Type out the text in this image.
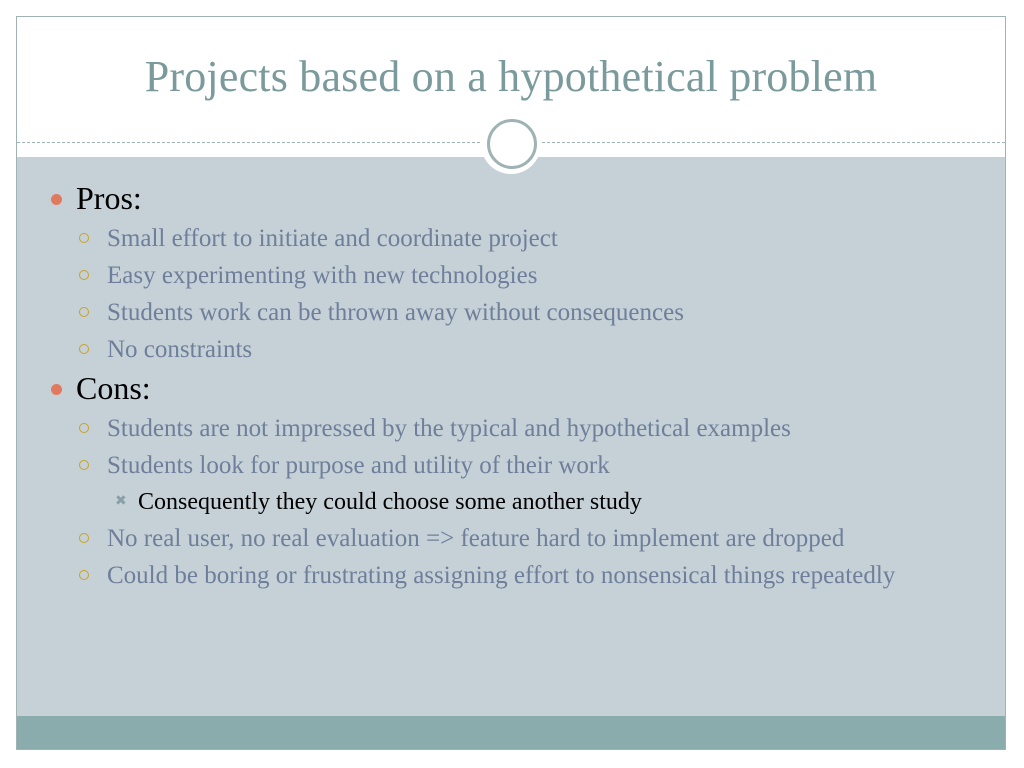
Projects based on a hypothetical problem
Pros:
Small effort to initiate and coordinate project
Easy experimenting with new technologies
Students work can be thrown away without consequences
No constraints
Cons:
Students are not impressed by the typical and hypothetical examples
Students look for purpose and utility of their work
✖ Consequently they could choose some another study
No real user, no real evaluation => feature hard to implement are dropped
Could be boring or frustrating assigning effort to nonsensical things repeatedly
